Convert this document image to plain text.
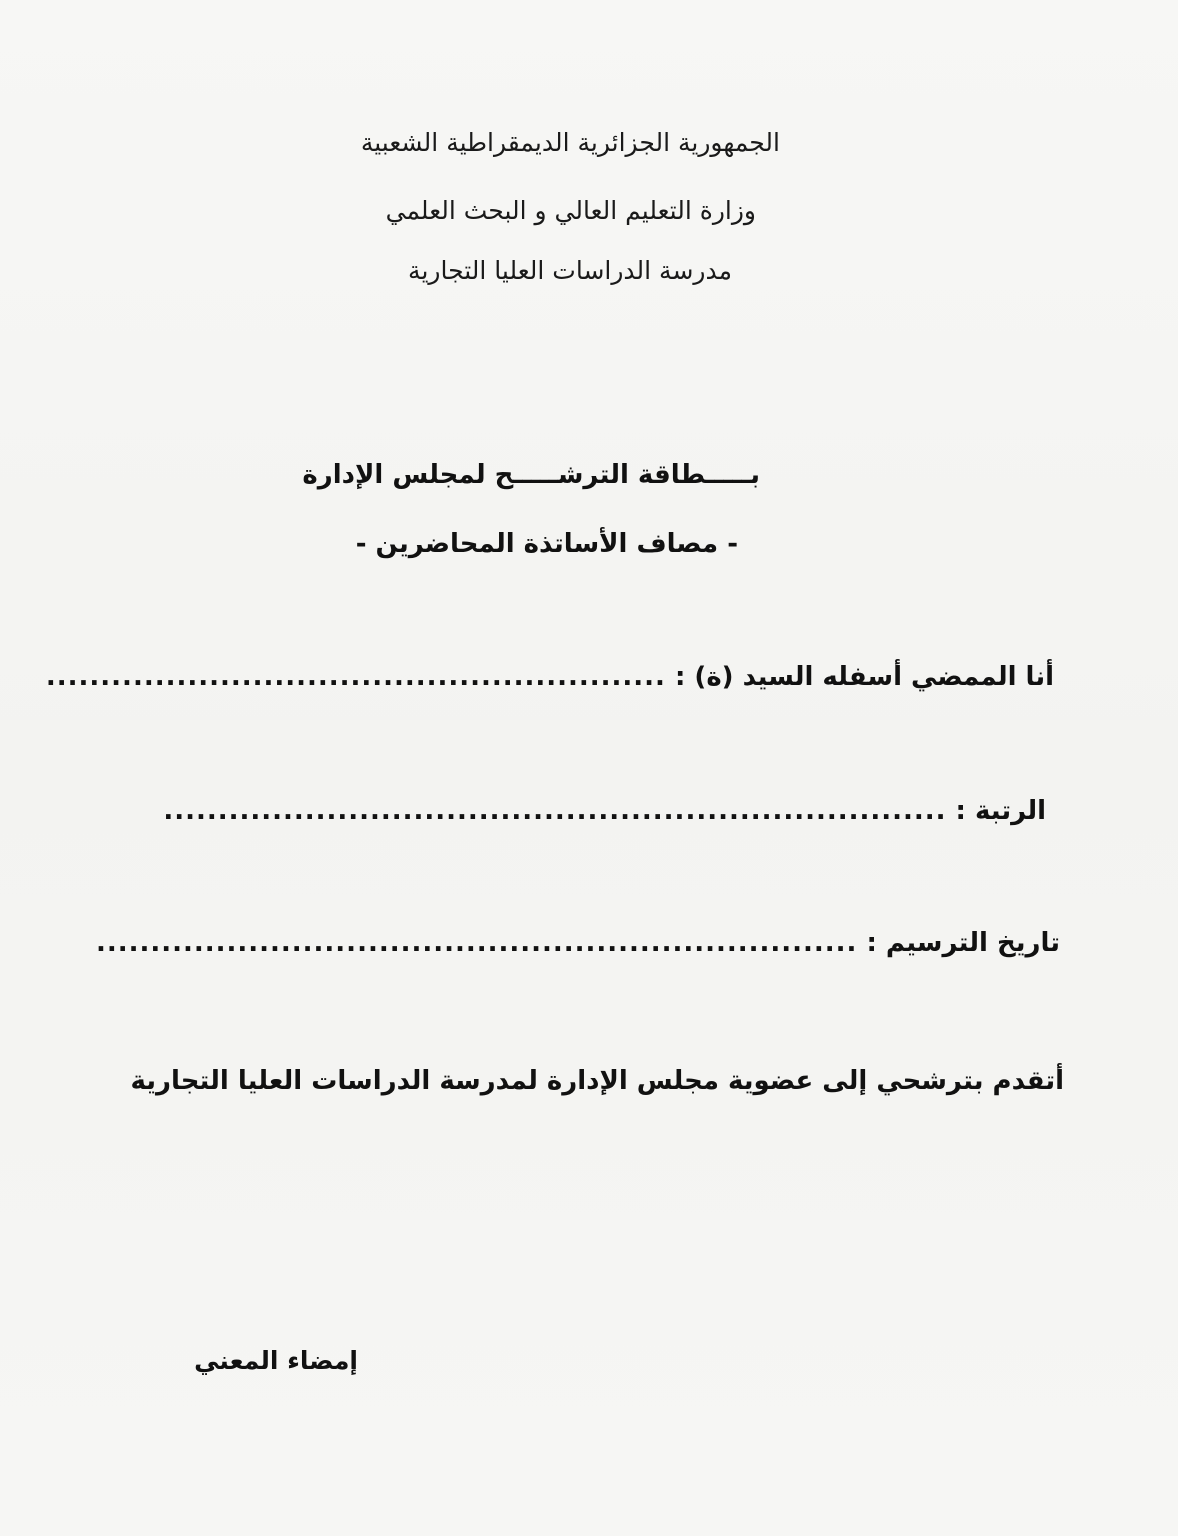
الجمهورية الجزائرية الديمقراطية الشعبية
وزارة التعليم العالي و البحث العلمي
مدرسة الدراسات العليا التجارية
بـــــطاقة الترشـــــح لمجلس الإدارة
- مصاف الأساتذة المحاضرين -
أنا الممضي أسفله السيد (ة) : .........................................................
الرتبة : ........................................................................
تاريخ الترسيم : ......................................................................
أتقدم بترشحي إلى عضوية مجلس الإدارة لمدرسة الدراسات العليا التجارية
إمضاء المعني
